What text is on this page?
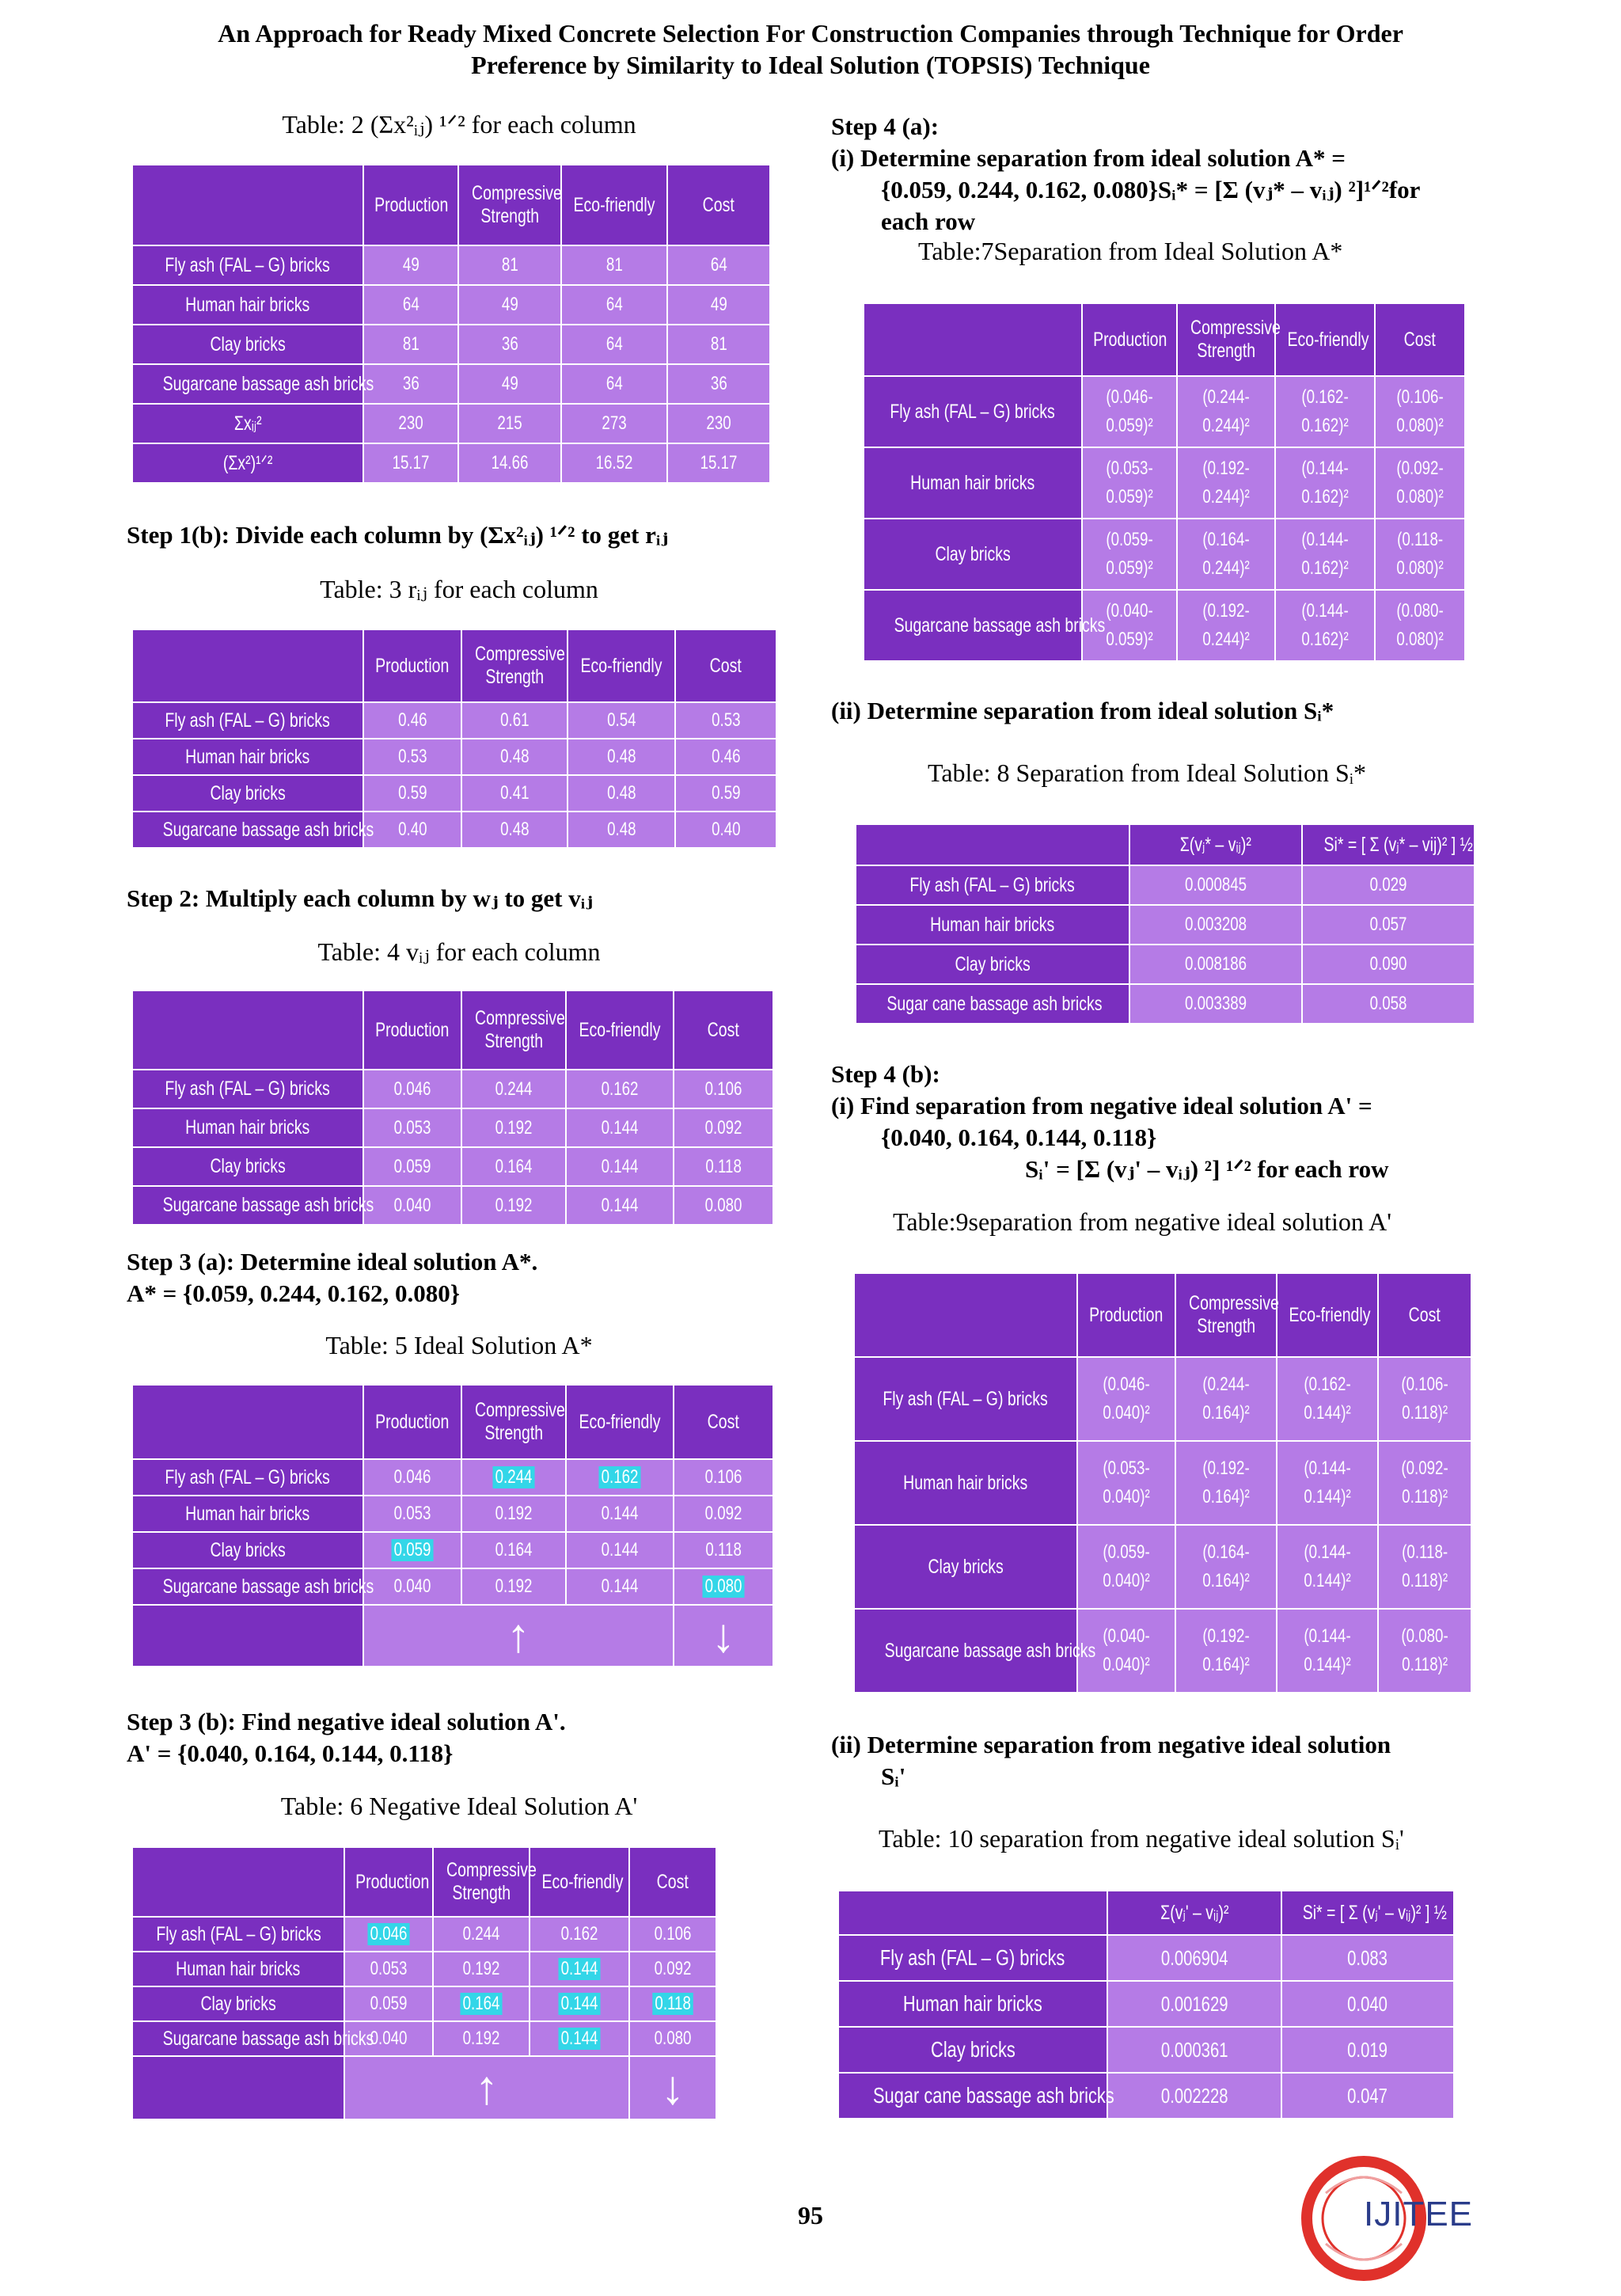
An Approach for Ready Mixed Concrete Selection For Construction Companies through Technique for Order
Preference by Similarity to Ideal Solution (TOPSIS) Technique
Table: 2 (Σx²ᵢⱼ) ¹ᐟ² for each column
	Production	Compressive
Strength	Eco-friendly	Cost
Fly ash (FAL – G) bricks	49	81	81	64
Human hair bricks	64	49	64	49
Clay bricks	81	36	64	81
Sugarcane bassage ash bricks	36	49	64	36
Σxᵢⱼ²	230	215	273	230
(Σx²)¹ᐟ²	15.17	14.66	16.52	15.17
Step 1(b): Divide each column by (Σx²ᵢⱼ) ¹ᐟ² to get rᵢⱼ
Table: 3 rᵢⱼ for each column
	Production	Compressive
Strength	Eco-friendly	Cost
Fly ash (FAL – G) bricks	0.46	0.61	0.54	0.53
Human hair bricks	0.53	0.48	0.48	0.46
Clay bricks	0.59	0.41	0.48	0.59
Sugarcane bassage ash bricks	0.40	0.48	0.48	0.40
Step 2: Multiply each column by wⱼ to get vᵢⱼ
Table: 4 vᵢⱼ for each column
	Production	Compressive
Strength	Eco-friendly	Cost
Fly ash (FAL – G) bricks	0.046	0.244	0.162	0.106
Human hair bricks	0.053	0.192	0.144	0.092
Clay bricks	0.059	0.164	0.144	0.118
Sugarcane bassage ash bricks	0.040	0.192	0.144	0.080
Step 3 (a): Determine ideal solution A*.
A* = {0.059, 0.244, 0.162, 0.080}
Table: 5 Ideal Solution A*
	Production	Compressive
Strength	Eco-friendly	Cost
Fly ash (FAL – G) bricks	0.046	0.244	0.162	0.106
Human hair bricks	0.053	0.192	0.144	0.092
Clay bricks	0.059	0.164	0.144	0.118
Sugarcane bassage ash bricks	0.040	0.192	0.144	0.080
	↑			↓
Step 3 (b): Find negative ideal solution A'.
A' = {0.040, 0.164, 0.144, 0.118}
Table: 6 Negative Ideal Solution A'
	Production	Compressive
Strength	Eco-friendly	Cost
Fly ash (FAL – G) bricks	0.046	0.244	0.162	0.106
Human hair bricks	0.053	0.192	0.144	0.092
Clay bricks	0.059	0.164	0.144	0.118
Sugarcane bassage ash bricks	0.040	0.192	0.144	0.080
	↑			↓
Step 4 (a):
(i) Determine separation from ideal solution A* =
{0.059, 0.244, 0.162, 0.080}Sᵢ* = [Σ (vⱼ* – vᵢⱼ) ²]¹ᐟ²for
each row
Table:7Separation from Ideal Solution A*
	Production	Compressive
Strength	Eco-friendly	Cost
Fly ash (FAL – G) bricks	(0.046-
0.059)²	(0.244-
0.244)²	(0.162-
0.162)²	(0.106-
0.080)²
Human hair bricks	(0.053-
0.059)²	(0.192-
0.244)²	(0.144-
0.162)²	(0.092-
0.080)²
Clay bricks	(0.059-
0.059)²	(0.164-
0.244)²	(0.144-
0.162)²	(0.118-
0.080)²
Sugarcane bassage ash bricks	(0.040-
0.059)²	(0.192-
0.244)²	(0.144-
0.162)²	(0.080-
0.080)²
(ii) Determine separation from ideal solution Sᵢ*
Table: 8 Separation from Ideal Solution Sᵢ*
	Σ(vⱼ* – vᵢⱼ)²	Si* = [ Σ (vⱼ* – vij)² ] ½
Fly ash (FAL – G) bricks	0.000845	0.029
Human hair bricks	0.003208	0.057
Clay bricks	0.008186	0.090
Sugar cane bassage ash bricks	0.003389	0.058
Step 4 (b):
(i) Find separation from negative ideal solution A' =
{0.040, 0.164, 0.144, 0.118}
Sᵢ' = [Σ (vⱼ' – vᵢⱼ) ²] ¹ᐟ² for each row
Table:9separation from negative ideal solution A'
	Production	Compressive
Strength	Eco-friendly	Cost
Fly ash (FAL – G) bricks	(0.046-
0.040)²	(0.244-
0.164)²	(0.162-
0.144)²	(0.106-
0.118)²
Human hair bricks	(0.053-
0.040)²	(0.192-
0.164)²	(0.144-
0.144)²	(0.092-
0.118)²
Clay bricks	(0.059-
0.040)²	(0.164-
0.164)²	(0.144-
0.144)²	(0.118-
0.118)²
Sugarcane bassage ash bricks	(0.040-
0.040)²	(0.192-
0.164)²	(0.144-
0.144)²	(0.080-
0.118)²
(ii) Determine separation from negative ideal solution
Sᵢ'
Table: 10 separation from negative ideal solution Sᵢ'
	Σ(vⱼ' – vᵢⱼ)²	Si* = [ Σ (vⱼ' – vᵢⱼ)² ] ½
Fly ash (FAL – G) bricks	0.006904	0.083
Human hair bricks	0.001629	0.040
Clay bricks	0.000361	0.019
Sugar cane bassage ash bricks	0.002228	0.047
95	IJITEE
